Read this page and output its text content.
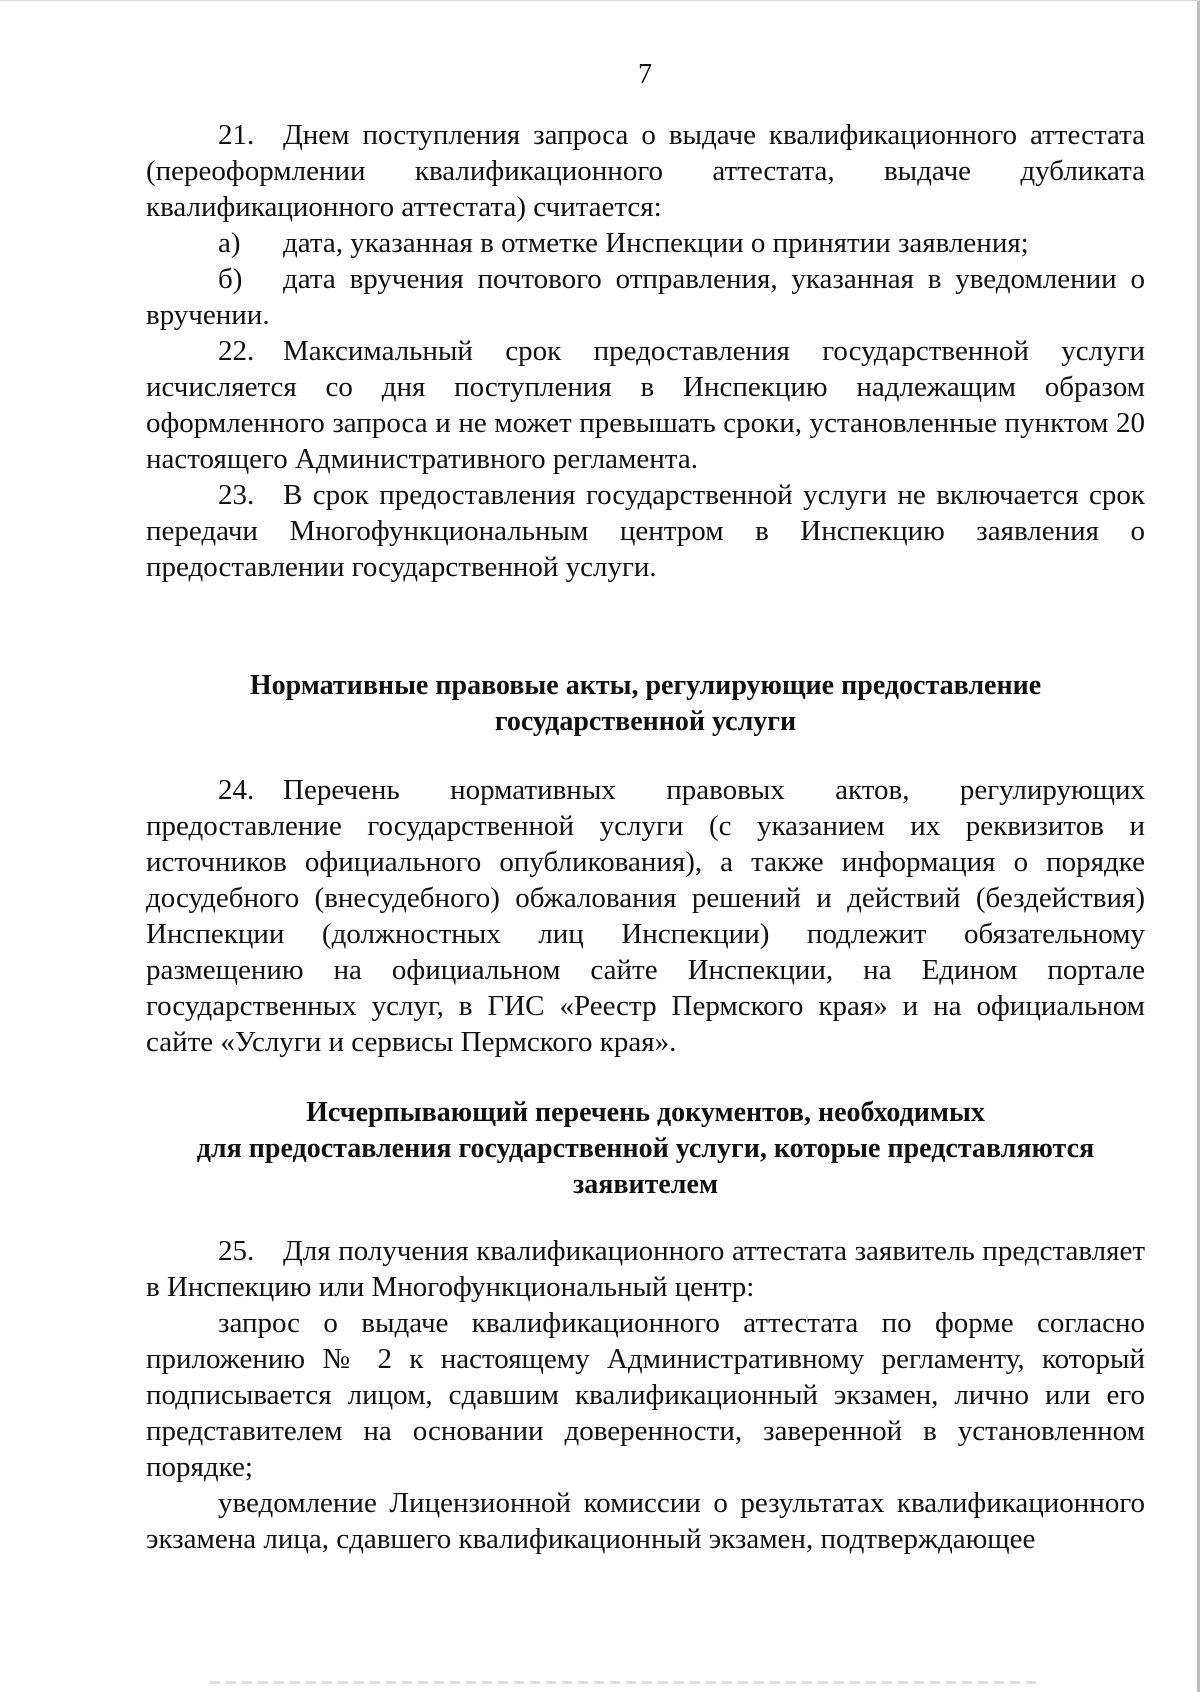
7

21. Днем поступления запроса о выдаче квалификационного аттестата (переоформлении квалификационного аттестата, выдаче дубликата квалификационного аттестата) считается:

а) дата, указанная в отметке Инспекции о принятии заявления;

б) дата вручения почтового отправления, указанная в уведомлении о вручении.

22. Максимальный срок предоставления государственной услуги исчисляется со дня поступления в Инспекцию надлежащим образом оформленного запроса и не может превышать сроки, установленные пунктом 20 настоящего Административного регламента.

23. В срок предоставления государственной услуги не включается срок передачи Многофункциональным центром в Инспекцию заявления о предоставлении государственной услуги.

Нормативные правовые акты, регулирующие предоставление
государственной услуги

24. Перечень нормативных правовых актов, регулирующих предоставление государственной услуги (с указанием их реквизитов и источников официального опубликования), а также информация о порядке досудебного (внесудебного) обжалования решений и действий (бездействия) Инспекции (должностных лиц Инспекции) подлежит обязательному размещению на официальном сайте Инспекции, на Едином портале государственных услуг, в ГИС «Реестр Пермского края» и на официальном сайте «Услуги и сервисы Пермского края».

Исчерпывающий перечень документов, необходимых
для предоставления государственной услуги, которые представляются
заявителем

25. Для получения квалификационного аттестата заявитель представляет в Инспекцию или Многофункциональный центр:

запрос о выдаче квалификационного аттестата по форме согласно приложению № 2 к настоящему Административному регламенту, который подписывается лицом, сдавшим квалификационный экзамен, лично или его представителем на основании доверенности, заверенной в установленном порядке;

уведомление Лицензионной комиссии о результатах квалификационного экзамена лица, сдавшего квалификационный экзамен, подтверждающее
